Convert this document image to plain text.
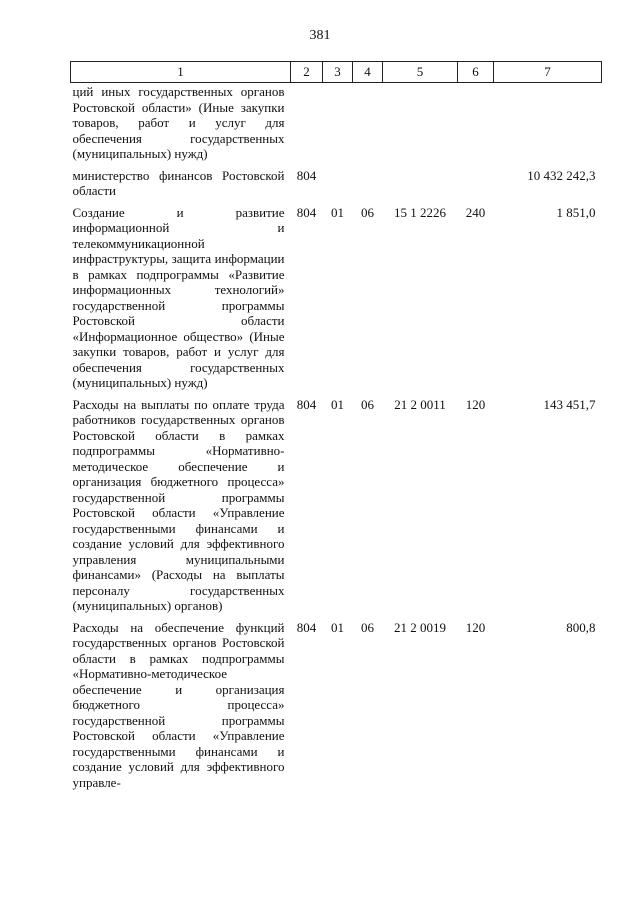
381
1	2	3	4	5	6	7
ций иных государственных органов Ростовской области» (Иные закупки товаров, работ и услуг для обеспечения государственных (муниципальных) нужд)						
министерство финансов Ростовской области	804					10 432 242,3
Создание и развитие информационной и телекоммуникационной инфраструктуры, защита информации в рамках подпрограммы «Развитие информационных технологий» государственной программы Ростовской области «Информационное общество» (Иные закупки товаров, работ и услуг для обеспечения государственных (муниципальных) нужд)	804	01	06	15 1 2226	240	1 851,0
Расходы на выплаты по оплате труда работников государственных органов Ростовской области в рамках подпрограммы «Нормативно-методическое обеспечение и организация бюджетного процесса» государственной программы Ростовской области «Управление государственными финансами и создание условий для эффективного управления муниципальными финансами» (Расходы на выплаты персоналу государственных (муниципальных) органов)	804	01	06	21 2 0011	120	143 451,7
Расходы на обеспечение функций государственных органов Ростовской области в рамках подпрограммы «Нормативно-методическое обеспечение и организация бюджетного процесса» государственной программы Ростовской области «Управление государственными финансами и создание условий для эффективного управле-	804	01	06	21 2 0019	120	800,8
